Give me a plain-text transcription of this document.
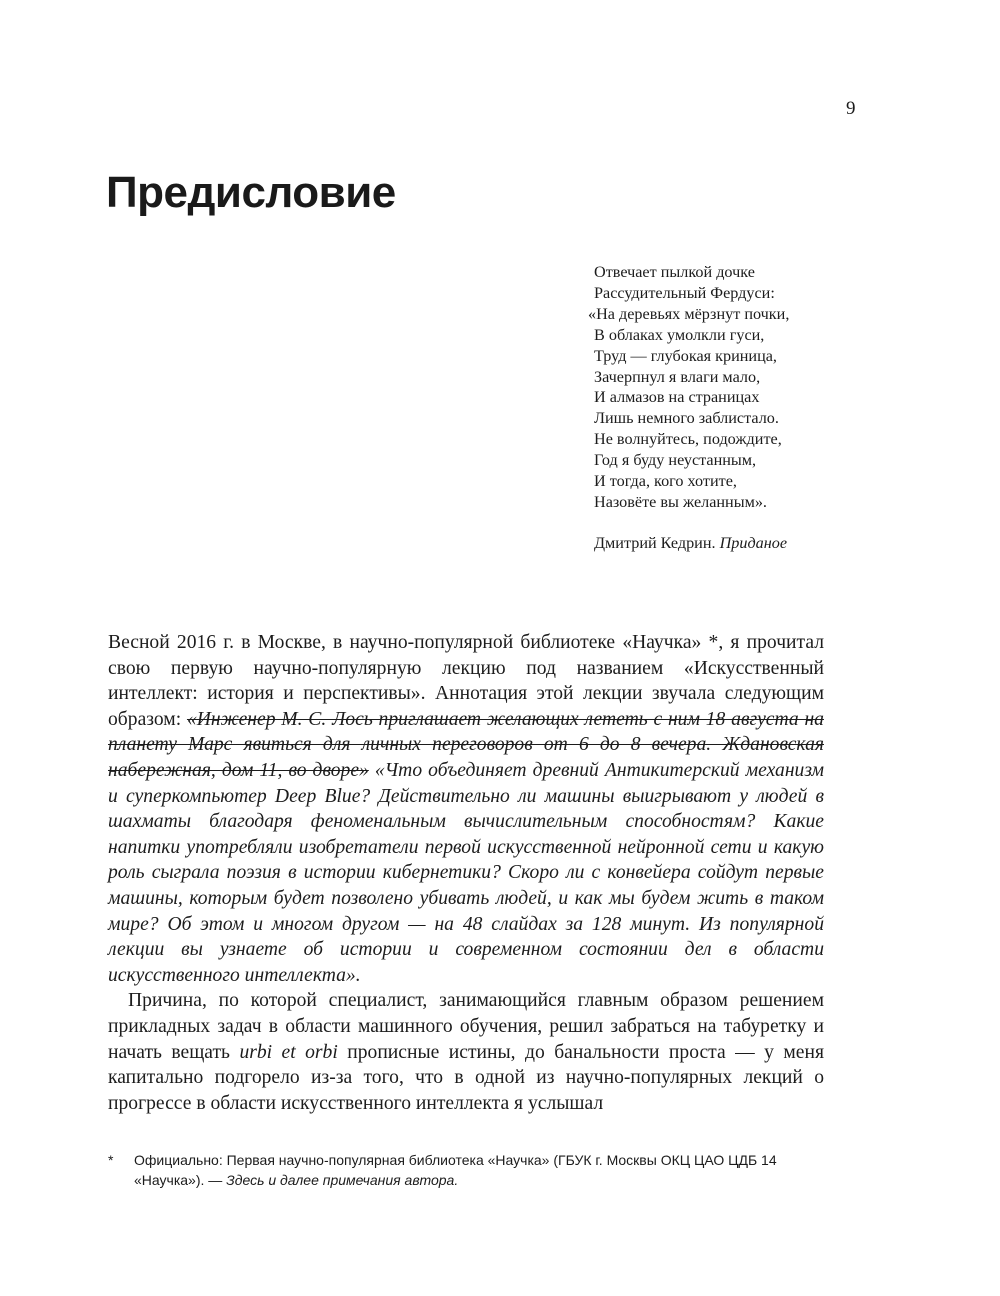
9
Предисловие
Отвечает пылкой дочке
Рассудительный Фердуси:
«На деревьях мёрзнут почки,
В облаках умолкли гуси,
Труд — глубокая криница,
Зачерпнул я влаги мало,
И алмазов на страницах
Лишь немного заблистало.
Не волнуйтесь, подождите,
Год я буду неустанным,
И тогда, кого хотите,
Назовёте вы желанным».
Дмитрий Кедрин. Приданое

Весной 2016 г. в Москве, в научно-популярной библиотеке «Научка» *, я прочитал свою первую научно-популярную лекцию под названием «Искусственный интеллект: история и перспективы». Аннотация этой лекции звучала следующим образом: «Инженер М. С. Лось приглашает желающих лететь с ним 18 августа на планету Марс явиться для личных переговоров от 6 до 8 вечера. Ждановская набережная, дом 11, во дворе» «Что объединяет древний Антикитерский механизм и суперкомпьютер Deep Blue? Действительно ли машины выигрывают у людей в шахматы благодаря феноменальным вычислительным способностям? Какие напитки употребляли изобретатели первой искусственной нейронной сети и какую роль сыграла поэзия в истории кибернетики? Скоро ли с конвейера сойдут первые машины, которым будет позволено убивать людей, и как мы будем жить в таком мире? Об этом и многом другом — на 48 слайдах за 128 минут. Из популярной лекции вы узнаете об истории и современном состоянии дел в области искусственного интеллекта».

Причина, по которой специалист, занимающийся главным образом решением прикладных задач в области машинного обучения, решил забраться на табуретку и начать вещать urbi et orbi прописные истины, до банальности проста — у меня капитально подгорело из-за того, что в одной из научно-популярных лекций о прогрессе в области искусственного интеллекта я услышал

* Официально: Первая научно-популярная библиотека «Научка» (ГБУК г. Москвы ОКЦ ЦАО ЦДБ 14 «Научка»). — Здесь и далее примечания автора.
